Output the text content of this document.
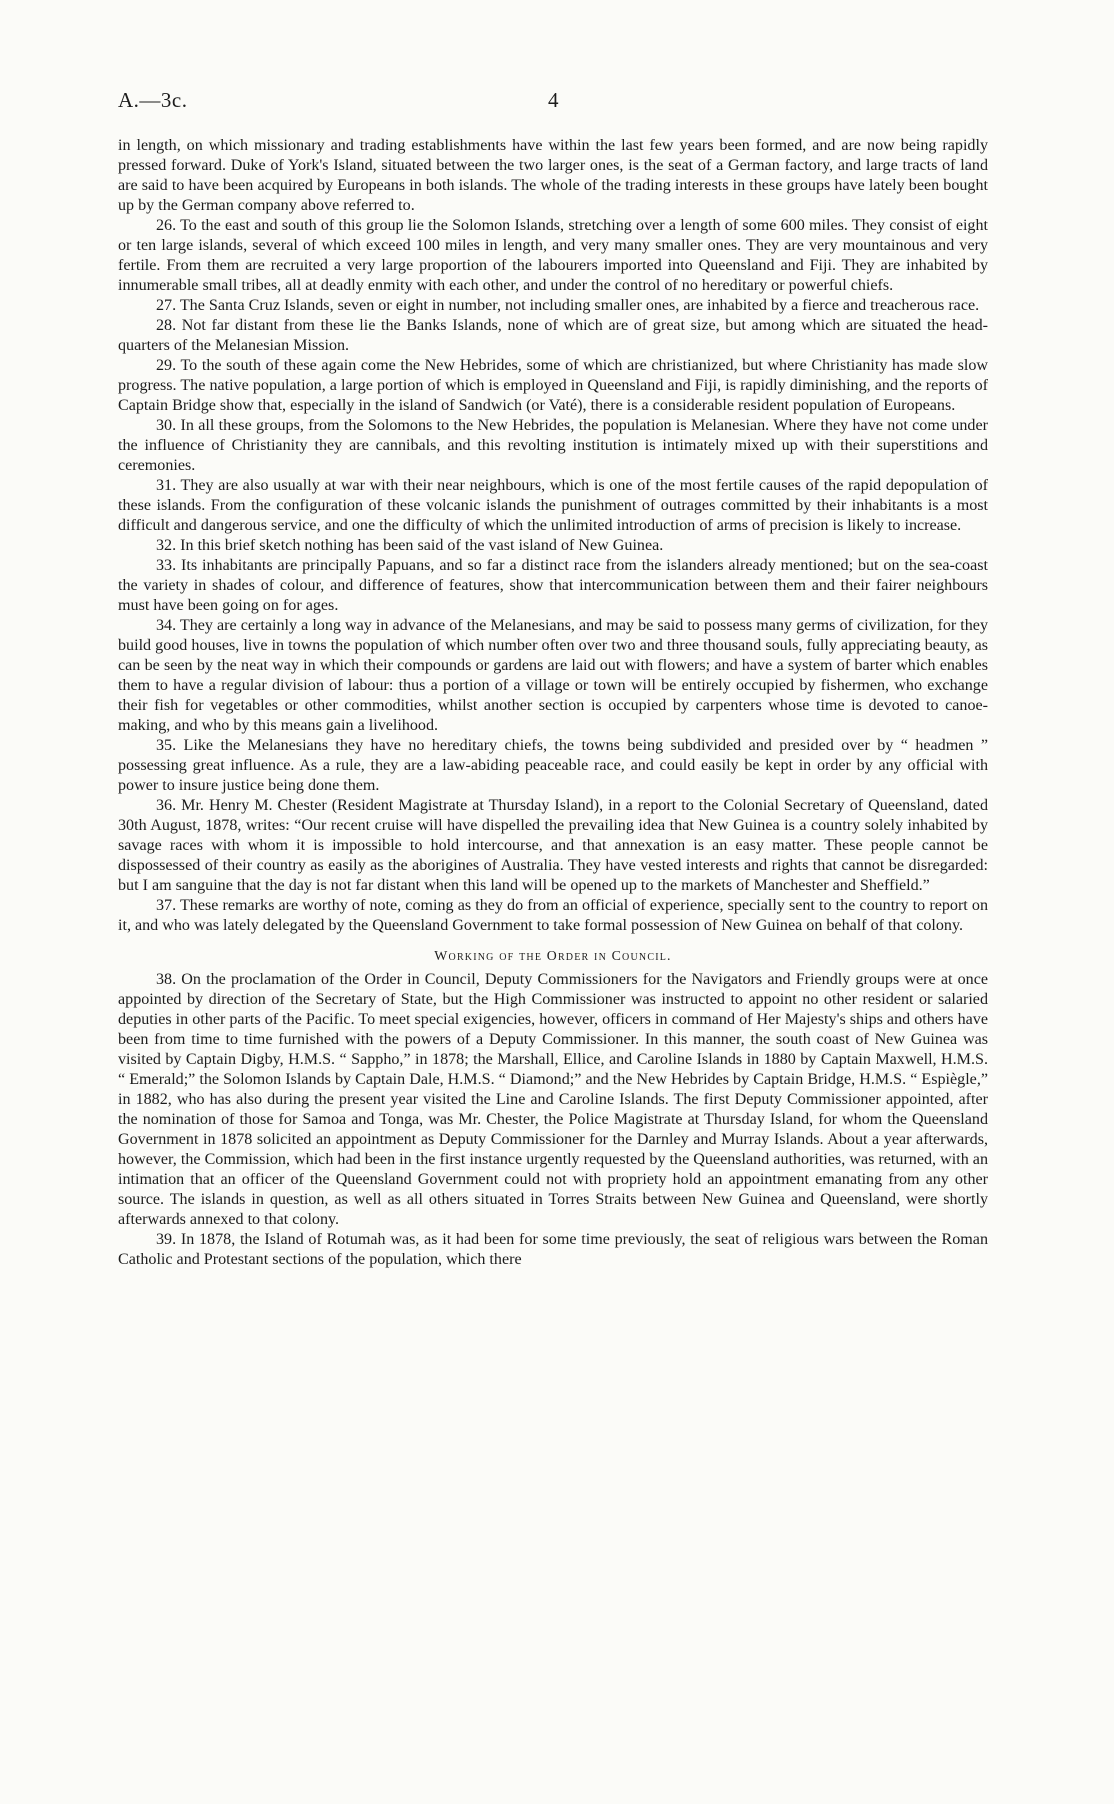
A.—3c.	4

in length, on which missionary and trading establishments have within the last few years been formed, and are now being rapidly pressed forward. Duke of York's Island, situated between the two larger ones, is the seat of a German factory, and large tracts of land are said to have been acquired by Europeans in both islands. The whole of the trading interests in these groups have lately been bought up by the German company above referred to.

26. To the east and south of this group lie the Solomon Islands, stretching over a length of some 600 miles. They consist of eight or ten large islands, several of which exceed 100 miles in length, and very many smaller ones. They are very mountainous and very fertile. From them are recruited a very large proportion of the labourers imported into Queensland and Fiji. They are inhabited by innumerable small tribes, all at deadly enmity with each other, and under the control of no hereditary or powerful chiefs.

27. The Santa Cruz Islands, seven or eight in number, not including smaller ones, are inhabited by a fierce and treacherous race.

28. Not far distant from these lie the Banks Islands, none of which are of great size, but among which are situated the head-quarters of the Melanesian Mission.

29. To the south of these again come the New Hebrides, some of which are christianized, but where Christianity has made slow progress. The native population, a large portion of which is employed in Queensland and Fiji, is rapidly diminishing, and the reports of Captain Bridge show that, especially in the island of Sandwich (or Vaté), there is a considerable resident population of Europeans.

30. In all these groups, from the Solomons to the New Hebrides, the population is Melanesian. Where they have not come under the influence of Christianity they are cannibals, and this revolting institution is intimately mixed up with their superstitions and ceremonies.

31. They are also usually at war with their near neighbours, which is one of the most fertile causes of the rapid depopulation of these islands. From the configuration of these volcanic islands the punishment of outrages committed by their inhabitants is a most difficult and dangerous service, and one the difficulty of which the unlimited introduction of arms of precision is likely to increase.

32. In this brief sketch nothing has been said of the vast island of New Guinea.

33. Its inhabitants are principally Papuans, and so far a distinct race from the islanders already mentioned; but on the sea-coast the variety in shades of colour, and difference of features, show that intercommunication between them and their fairer neighbours must have been going on for ages.

34. They are certainly a long way in advance of the Melanesians, and may be said to possess many germs of civilization, for they build good houses, live in towns the population of which number often over two and three thousand souls, fully appreciating beauty, as can be seen by the neat way in which their compounds or gardens are laid out with flowers; and have a system of barter which enables them to have a regular division of labour: thus a portion of a village or town will be entirely occupied by fishermen, who exchange their fish for vegetables or other commodities, whilst another section is occupied by carpenters whose time is devoted to canoe-making, and who by this means gain a livelihood.

35. Like the Melanesians they have no hereditary chiefs, the towns being subdivided and presided over by “ headmen ” possessing great influence. As a rule, they are a law-abiding peaceable race, and could easily be kept in order by any official with power to insure justice being done them.

36. Mr. Henry M. Chester (Resident Magistrate at Thursday Island), in a report to the Colonial Secretary of Queensland, dated 30th August, 1878, writes: “Our recent cruise will have dispelled the prevailing idea that New Guinea is a country solely inhabited by savage races with whom it is impossible to hold intercourse, and that annexation is an easy matter. These people cannot be dispossessed of their country as easily as the aborigines of Australia. They have vested interests and rights that cannot be disregarded: but I am sanguine that the day is not far distant when this land will be opened up to the markets of Manchester and Sheffield.”

37. These remarks are worthy of note, coming as they do from an official of experience, specially sent to the country to report on it, and who was lately delegated by the Queensland Government to take formal possession of New Guinea on behalf of that colony.

Working of the Order in Council.

38. On the proclamation of the Order in Council, Deputy Commissioners for the Navigators and Friendly groups were at once appointed by direction of the Secretary of State, but the High Commissioner was instructed to appoint no other resident or salaried deputies in other parts of the Pacific. To meet special exigencies, however, officers in command of Her Majesty's ships and others have been from time to time furnished with the powers of a Deputy Commissioner. In this manner, the south coast of New Guinea was visited by Captain Digby, H.M.S. “ Sappho,” in 1878; the Marshall, Ellice, and Caroline Islands in 1880 by Captain Maxwell, H.M.S. “ Emerald;” the Solomon Islands by Captain Dale, H.M.S. “ Diamond;” and the New Hebrides by Captain Bridge, H.M.S. “ Espiègle,” in 1882, who has also during the present year visited the Line and Caroline Islands. The first Deputy Commissioner appointed, after the nomination of those for Samoa and Tonga, was Mr. Chester, the Police Magistrate at Thursday Island, for whom the Queensland Government in 1878 solicited an appointment as Deputy Commissioner for the Darnley and Murray Islands. About a year afterwards, however, the Commission, which had been in the first instance urgently requested by the Queensland authorities, was returned, with an intimation that an officer of the Queensland Government could not with propriety hold an appointment emanating from any other source. The islands in question, as well as all others situated in Torres Straits between New Guinea and Queensland, were shortly afterwards annexed to that colony.

39. In 1878, the Island of Rotumah was, as it had been for some time previously, the seat of religious wars between the Roman Catholic and Protestant sections of the population, which there
